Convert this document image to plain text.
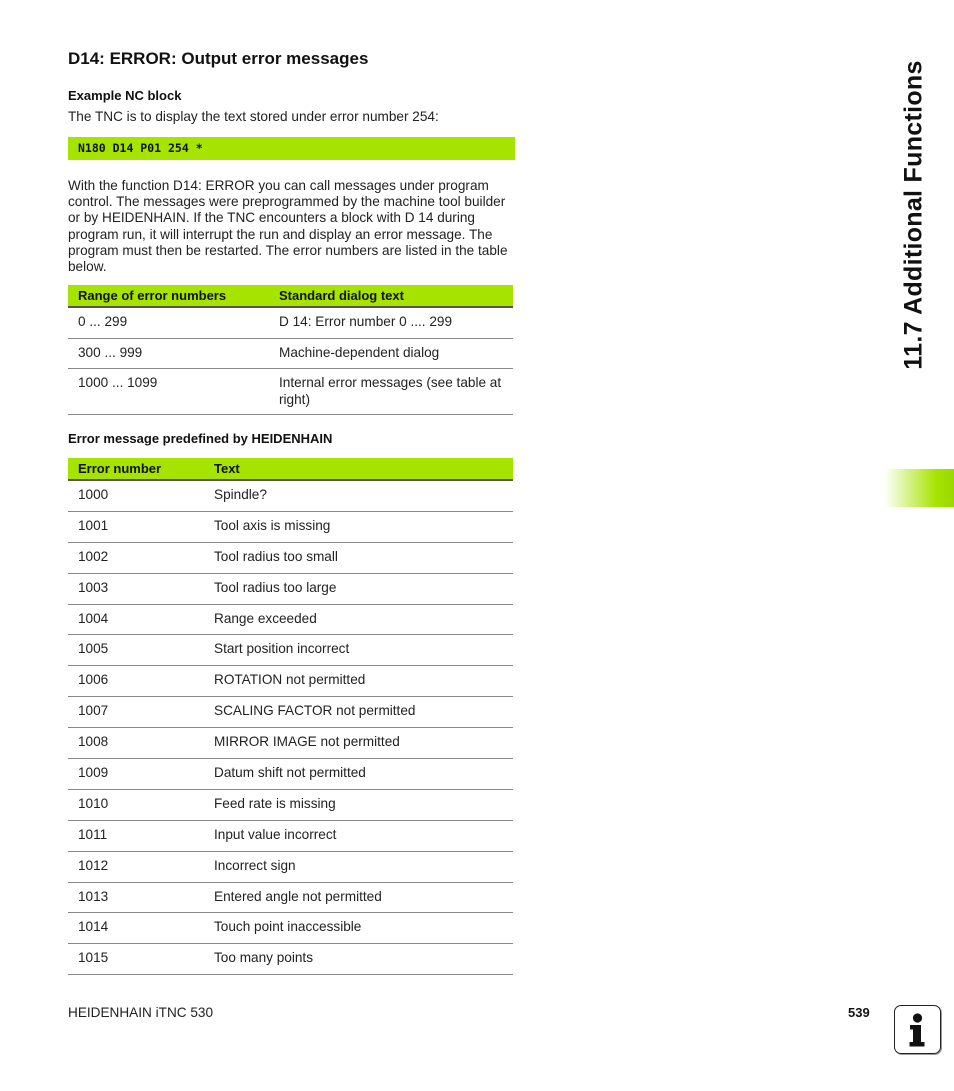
D14: ERROR: Output error messages
Example NC block
The TNC is to display the text stored under error number 254:
N180 D14 P01 254 *
With the function D14: ERROR you can call messages under program control. The messages were preprogrammed by the machine tool builder or by HEIDENHAIN. If the TNC encounters a block with D 14 during program run, it will interrupt the run and display an error message. The program must then be restarted. The error numbers are listed in the table below.
Range of error numbers	Standard dialog text
0 ... 299	D 14: Error number 0 .... 299
300 ... 999	Machine-dependent dialog
1000 ... 1099	Internal error messages (see table at right)
Error message predefined by HEIDENHAIN
Error number	Text
1000	Spindle?
1001	Tool axis is missing
1002	Tool radius too small
1003	Tool radius too large
1004	Range exceeded
1005	Start position incorrect
1006	ROTATION not permitted
1007	SCALING FACTOR not permitted
1008	MIRROR IMAGE not permitted
1009	Datum shift not permitted
1010	Feed rate is missing
1011	Input value incorrect
1012	Incorrect sign
1013	Entered angle not permitted
1014	Touch point inaccessible
1015	Too many points
11.7 Additional Functions
HEIDENHAIN iTNC 530	539
